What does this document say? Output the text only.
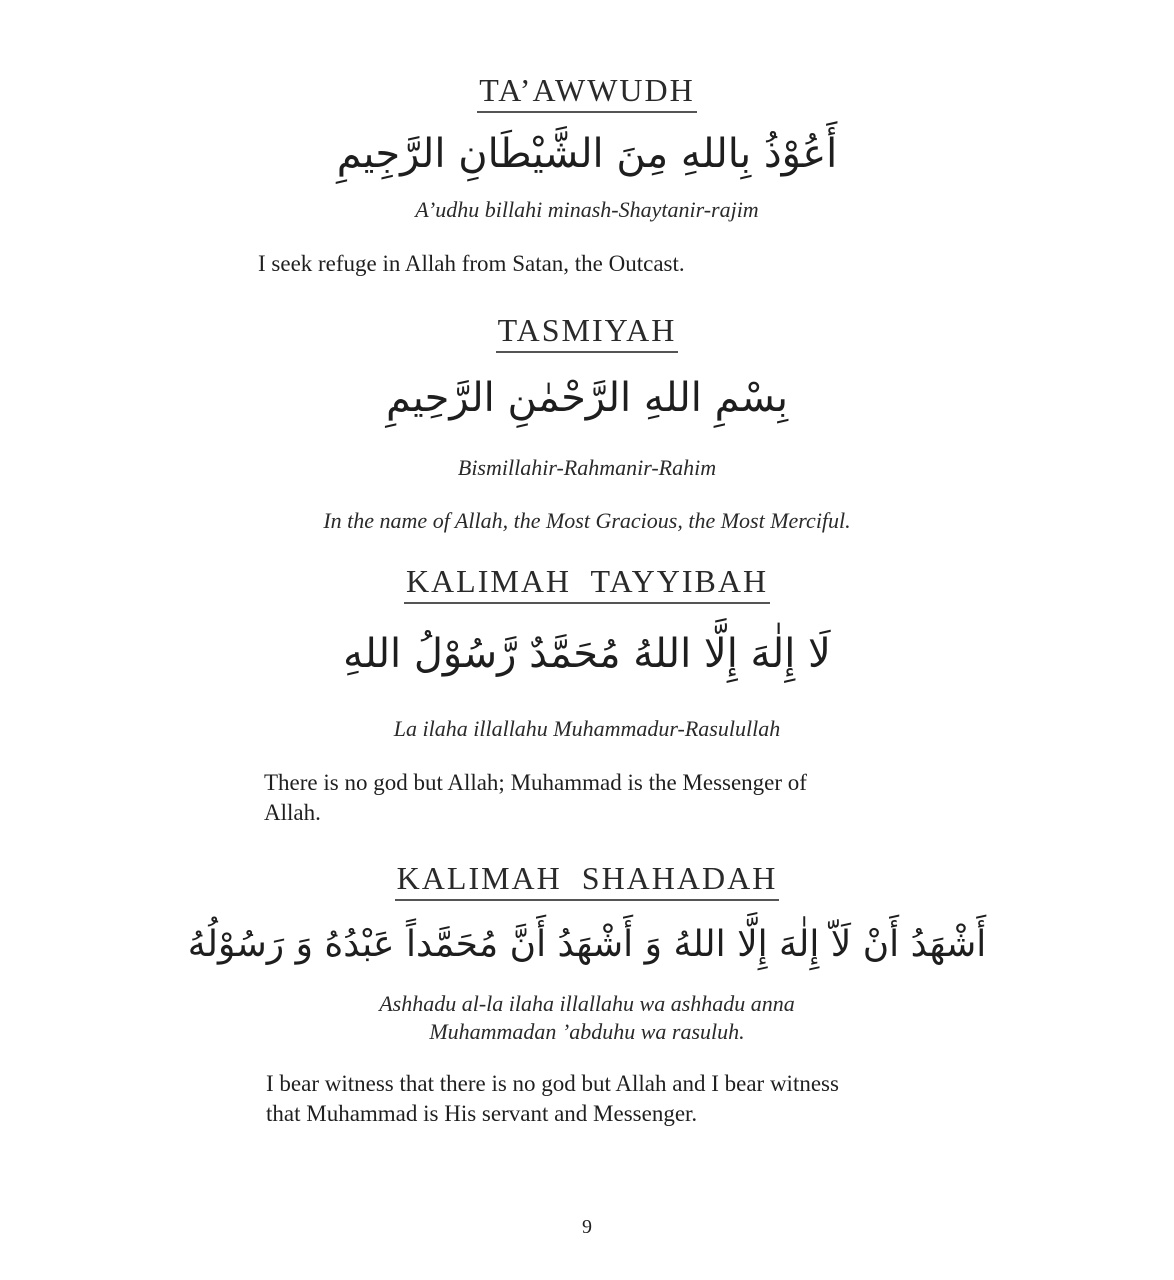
TA’AWWUDH
أَعُوْذُ بِاللهِ مِنَ الشَّيْطَانِ الرَّجِيمِ
A’udhu billahi minash-Shaytanir-rajim
I seek refuge in Allah from Satan, the Outcast.
TASMIYAH
بِسْمِ اللهِ الرَّحْمٰنِ الرَّحِيمِ
Bismillahir-Rahmanir-Rahim
In the name of Allah, the Most Gracious, the Most Merciful.
KALIMAH  TAYYIBAH
لَا إِلٰهَ إِلَّا اللهُ مُحَمَّدٌ رَّسُوْلُ اللهِ
La ilaha illallahu Muhammadur-Rasulullah
There is no god but Allah; Muhammad is the Messenger of
Allah.
KALIMAH  SHAHADAH
أَشْهَدُ أَنْ لَاّ إِلٰهَ إِلَّا اللهُ وَ أَشْهَدُ أَنَّ مُحَمَّداً عَبْدُهُ وَ رَسُوْلُهُ
Ashhadu al-la ilaha illallahu wa ashhadu anna
Muhammadan ’abduhu wa rasuluh.
I bear witness that there is no god but Allah and I bear witness
that Muhammad is His servant and Messenger.
9
